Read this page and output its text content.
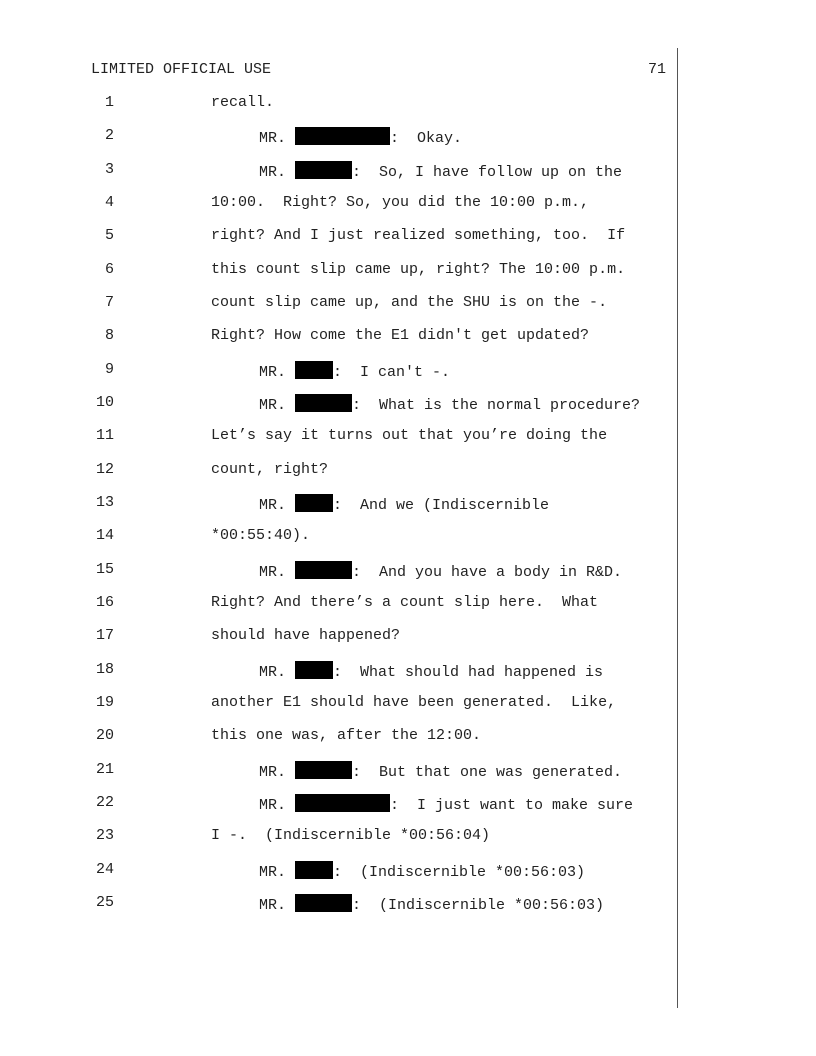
LIMITED OFFICIAL USE	71
1	recall.
2	MR.	:  Okay.
3	MR.	:  So, I have follow up on the
4	10:00.  Right? So, you did the 10:00 p.m.,
5	right? And I just realized something, too.  If
6	this count slip came up, right? The 10:00 p.m.
7	count slip came up, and the SHU is on the -.
8	Right? How come the E1 didn't get updated?
9	MR.	:  I can't -.
10	MR.	:  What is the normal procedure?
11	Let’s say it turns out that you’re doing the
12	count, right?
13	MR.	:  And we (Indiscernible
14	*00:55:40).
15	MR.	:  And you have a body in R&D.
16	Right? And there’s a count slip here.  What
17	should have happened?
18	MR.	:  What should had happened is
19	another E1 should have been generated.  Like,
20	this one was, after the 12:00.
21	MR.	:  But that one was generated.
22	MR.	:  I just want to make sure
23	I -.  (Indiscernible *00:56:04)
24	MR.	:  (Indiscernible *00:56:03)
25	MR.	:  (Indiscernible *00:56:03)
